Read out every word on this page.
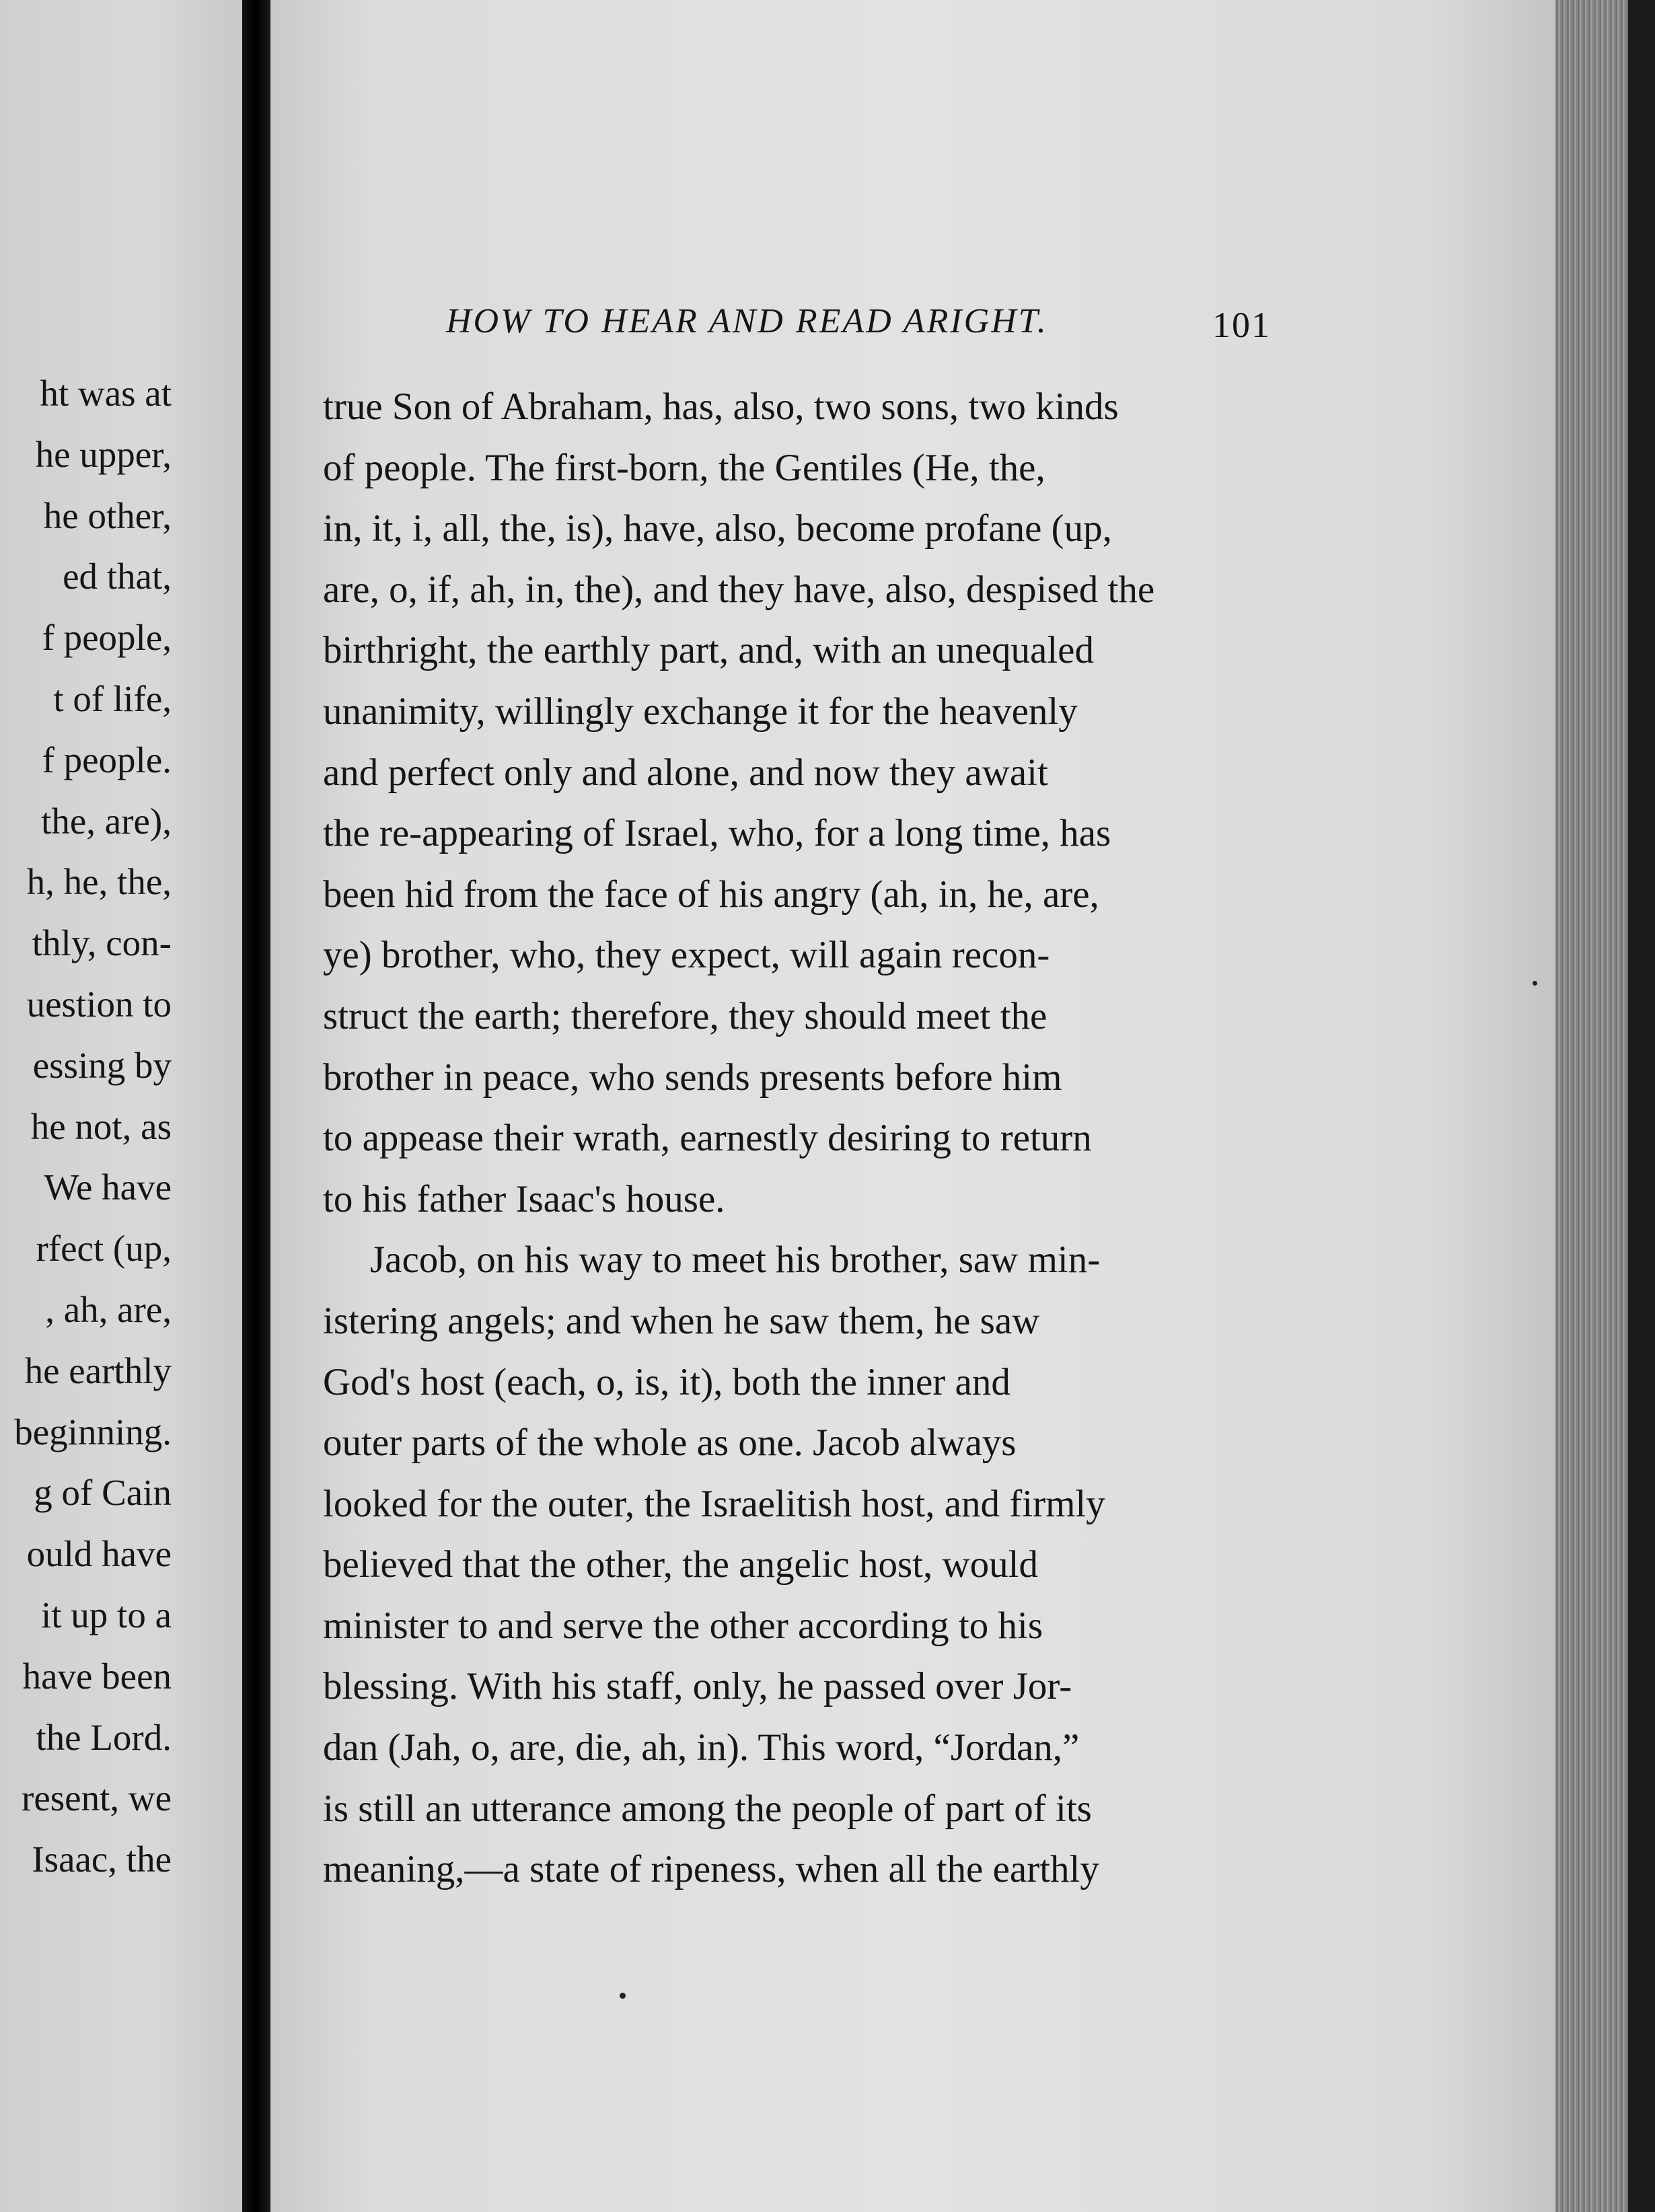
ht was at
he upper,
he other,
ed that,
f people,
t of life,
f people.
the, are),
h, he, the,
thly, con-
uestion to
essing by
he not, as
We have
rfect (up,
, ah, are,
he earthly
beginning.
g of Cain
ould have
it up to a
have been
the Lord.
resent, we
Isaac, the
HOW TO HEAR AND READ ARIGHT.	101
true Son of Abraham, has, also, two sons, two kinds
of people. The first-born, the Gentiles (He, the,
in, it, i, all, the, is), have, also, become profane (up,
are, o, if, ah, in, the), and they have, also, despised the
birthright, the earthly part, and, with an unequaled
unanimity, willingly exchange it for the heavenly
and perfect only and alone, and now they await
the re-appearing of Israel, who, for a long time, has
been hid from the face of his angry (ah, in, he, are,
ye) brother, who, they expect, will again recon-
struct the earth; therefore, they should meet the
brother in peace, who sends presents before him
to appease their wrath, earnestly desiring to return
to his father Isaac's house.
Jacob, on his way to meet his brother, saw min-
istering angels; and when he saw them, he saw
God's host (each, o, is, it), both the inner and
outer parts of the whole as one. Jacob always
looked for the outer, the Israelitish host, and firmly
believed that the other, the angelic host, would
minister to and serve the other according to his
blessing. With his staff, only, he passed over Jor-
dan (Jah, o, are, die, ah, in). This word, “Jordan,”
is still an utterance among the people of part of its
meaning,—a state of ripeness, when all the earthly
